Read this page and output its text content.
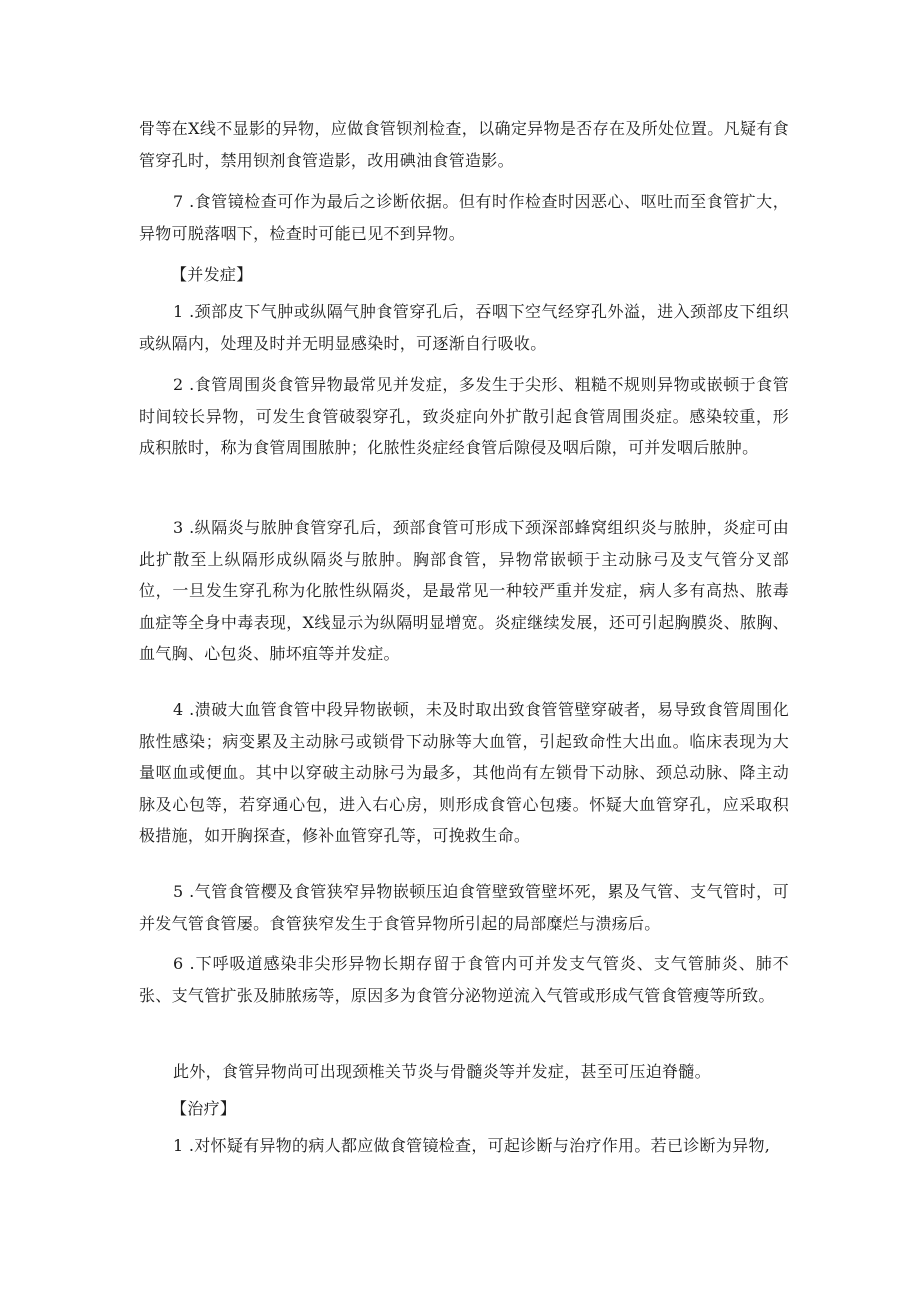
骨等在X线不显影的异物，应做食管钡剂检查，以确定异物是否存在及所处位置。凡疑有食管穿孔时，禁用钡剂食管造影，改用碘油食管造影。

7 .食管镜检查可作为最后之诊断依据。但有时作检查时因恶心、呕吐而至食管扩大，异物可脱落咽下，检查时可能已见不到异物。

【并发症】

1 .颈部皮下气肿或纵隔气肿食管穿孔后，吞咽下空气经穿孔外溢，进入颈部皮下组织或纵隔内，处理及时并无明显感染时，可逐渐自行吸收。

2 .食管周围炎食管异物最常见并发症，多发生于尖形、粗糙不规则异物或嵌顿于食管时间较长异物，可发生食管破裂穿孔，致炎症向外扩散引起食管周围炎症。感染较重，形成积脓时，称为食管周围脓肿；化脓性炎症经食管后隙侵及咽后隙，可并发咽后脓肿。

3 .纵隔炎与脓肿食管穿孔后，颈部食管可形成下颈深部蜂窝组织炎与脓肿，炎症可由此扩散至上纵隔形成纵隔炎与脓肿。胸部食管，异物常嵌顿于主动脉弓及支气管分叉部位，一旦发生穿孔称为化脓性纵隔炎，是最常见一种较严重并发症，病人多有高热、脓毒血症等全身中毒表现，X线显示为纵隔明显增宽。炎症继续发展，还可引起胸膜炎、脓胸、血气胸、心包炎、肺坏疽等并发症。

4 .溃破大血管食管中段异物嵌顿，未及时取出致食管管壁穿破者，易导致食管周围化脓性感染；病变累及主动脉弓或锁骨下动脉等大血管，引起致命性大出血。临床表现为大量呕血或便血。其中以穿破主动脉弓为最多，其他尚有左锁骨下动脉、颈总动脉、降主动脉及心包等，若穿通心包，进入右心房，则形成食管心包瘘。怀疑大血管穿孔，应采取积极措施，如开胸探查，修补血管穿孔等，可挽救生命。

5 .气管食管樱及食管狭窄异物嵌顿压迫食管壁致管壁坏死，累及气管、支气管时，可并发气管食管屡。食管狭窄发生于食管异物所引起的局部糜烂与溃疡后。

6 .下呼吸道感染非尖形异物长期存留于食管内可并发支气管炎、支气管肺炎、肺不张、支气管扩张及肺脓疡等，原因多为食管分泌物逆流入气管或形成气管食管瘦等所致。

此外，食管异物尚可出现颈椎关节炎与骨髓炎等并发症，甚至可压迫脊髓。

【治疗】

1 .对怀疑有异物的病人都应做食管镜检查，可起诊断与治疗作用。若已诊断为异物,
